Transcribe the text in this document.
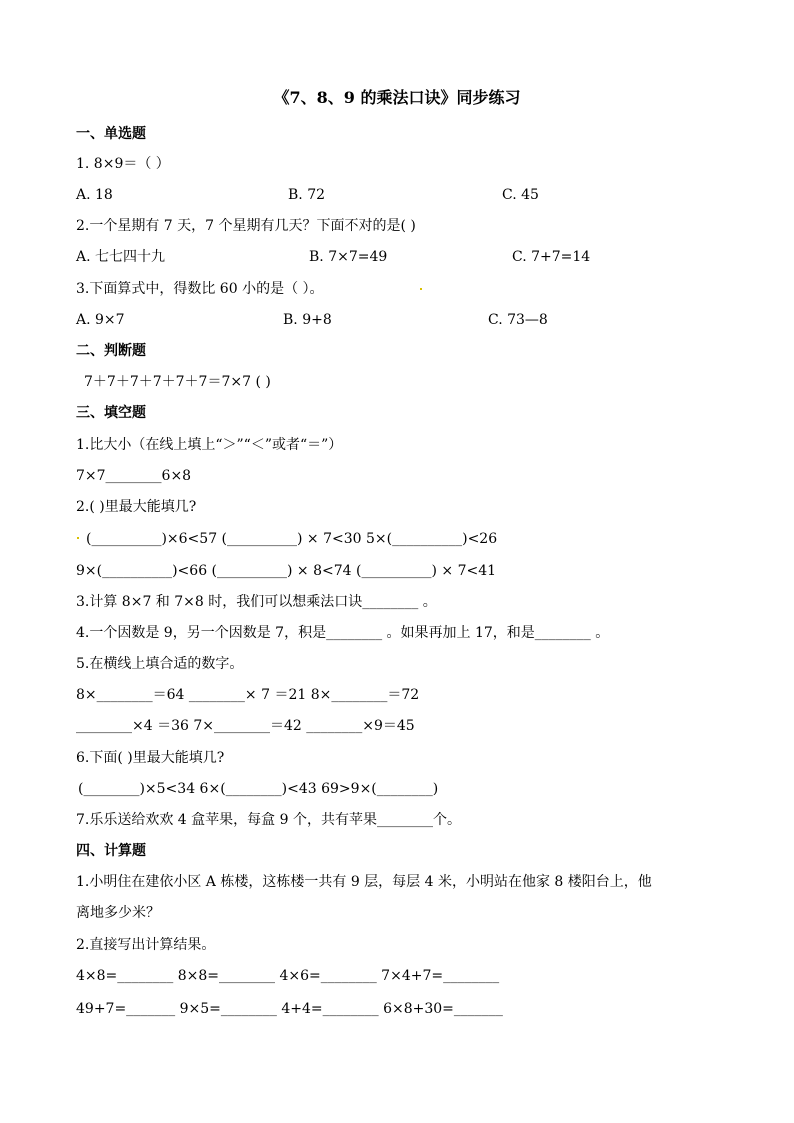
《7、8、9 的乘法口诀》同步练习
一、单选题
1. 8×9＝（ ）
A. 18	B. 72	C. 45
2.一个星期有 7 天，7 个星期有几天？下面不对的是( )
A. 七七四十九	B. 7×7=49	C. 7+7=14
3.下面算式中，得数比 60 小的是（ ）。
A. 9×7	B. 9+8	C. 73—8
二、判断题
7＋7＋7＋7＋7＋7＝7×7 ( )
三、填空题
1.比大小（在线上填上“＞”“＜”或者“＝”）
7×7________6×8
2.( )里最大能填几?
(__________)×6<57 (__________) × 7<30 5×(__________)<26
9×(__________)<66 (__________) × 8<74 (__________) × 7<41
3.计算 8×7 和 7×8 时，我们可以想乘法口诀________ 。
4.一个因数是 9，另一个因数是 7，积是________ 。如果再加上 17，和是________ 。
5.在横线上填合适的数字。
8×________＝64 ________× 7 ＝21 8×________＝72
________×4 ＝36 7×________＝42 ________×9＝45
6.下面( )里最大能填几?
(________)×5<34 6×(________)<43 69>9×(________)
7.乐乐送给欢欢 4 盒苹果，每盒 9 个，共有苹果________个。
四、计算题
1.小明住在建依小区 A 栋楼，这栋楼一共有 9 层，每层 4 米，小明站在他家 8 楼阳台上，他
离地多少米？
2.直接写出计算结果。
4×8=________ 8×8=________ 4×6=________ 7×4+7=________
49+7=_______ 9×5=________ 4+4=________ 6×8+30=_______
